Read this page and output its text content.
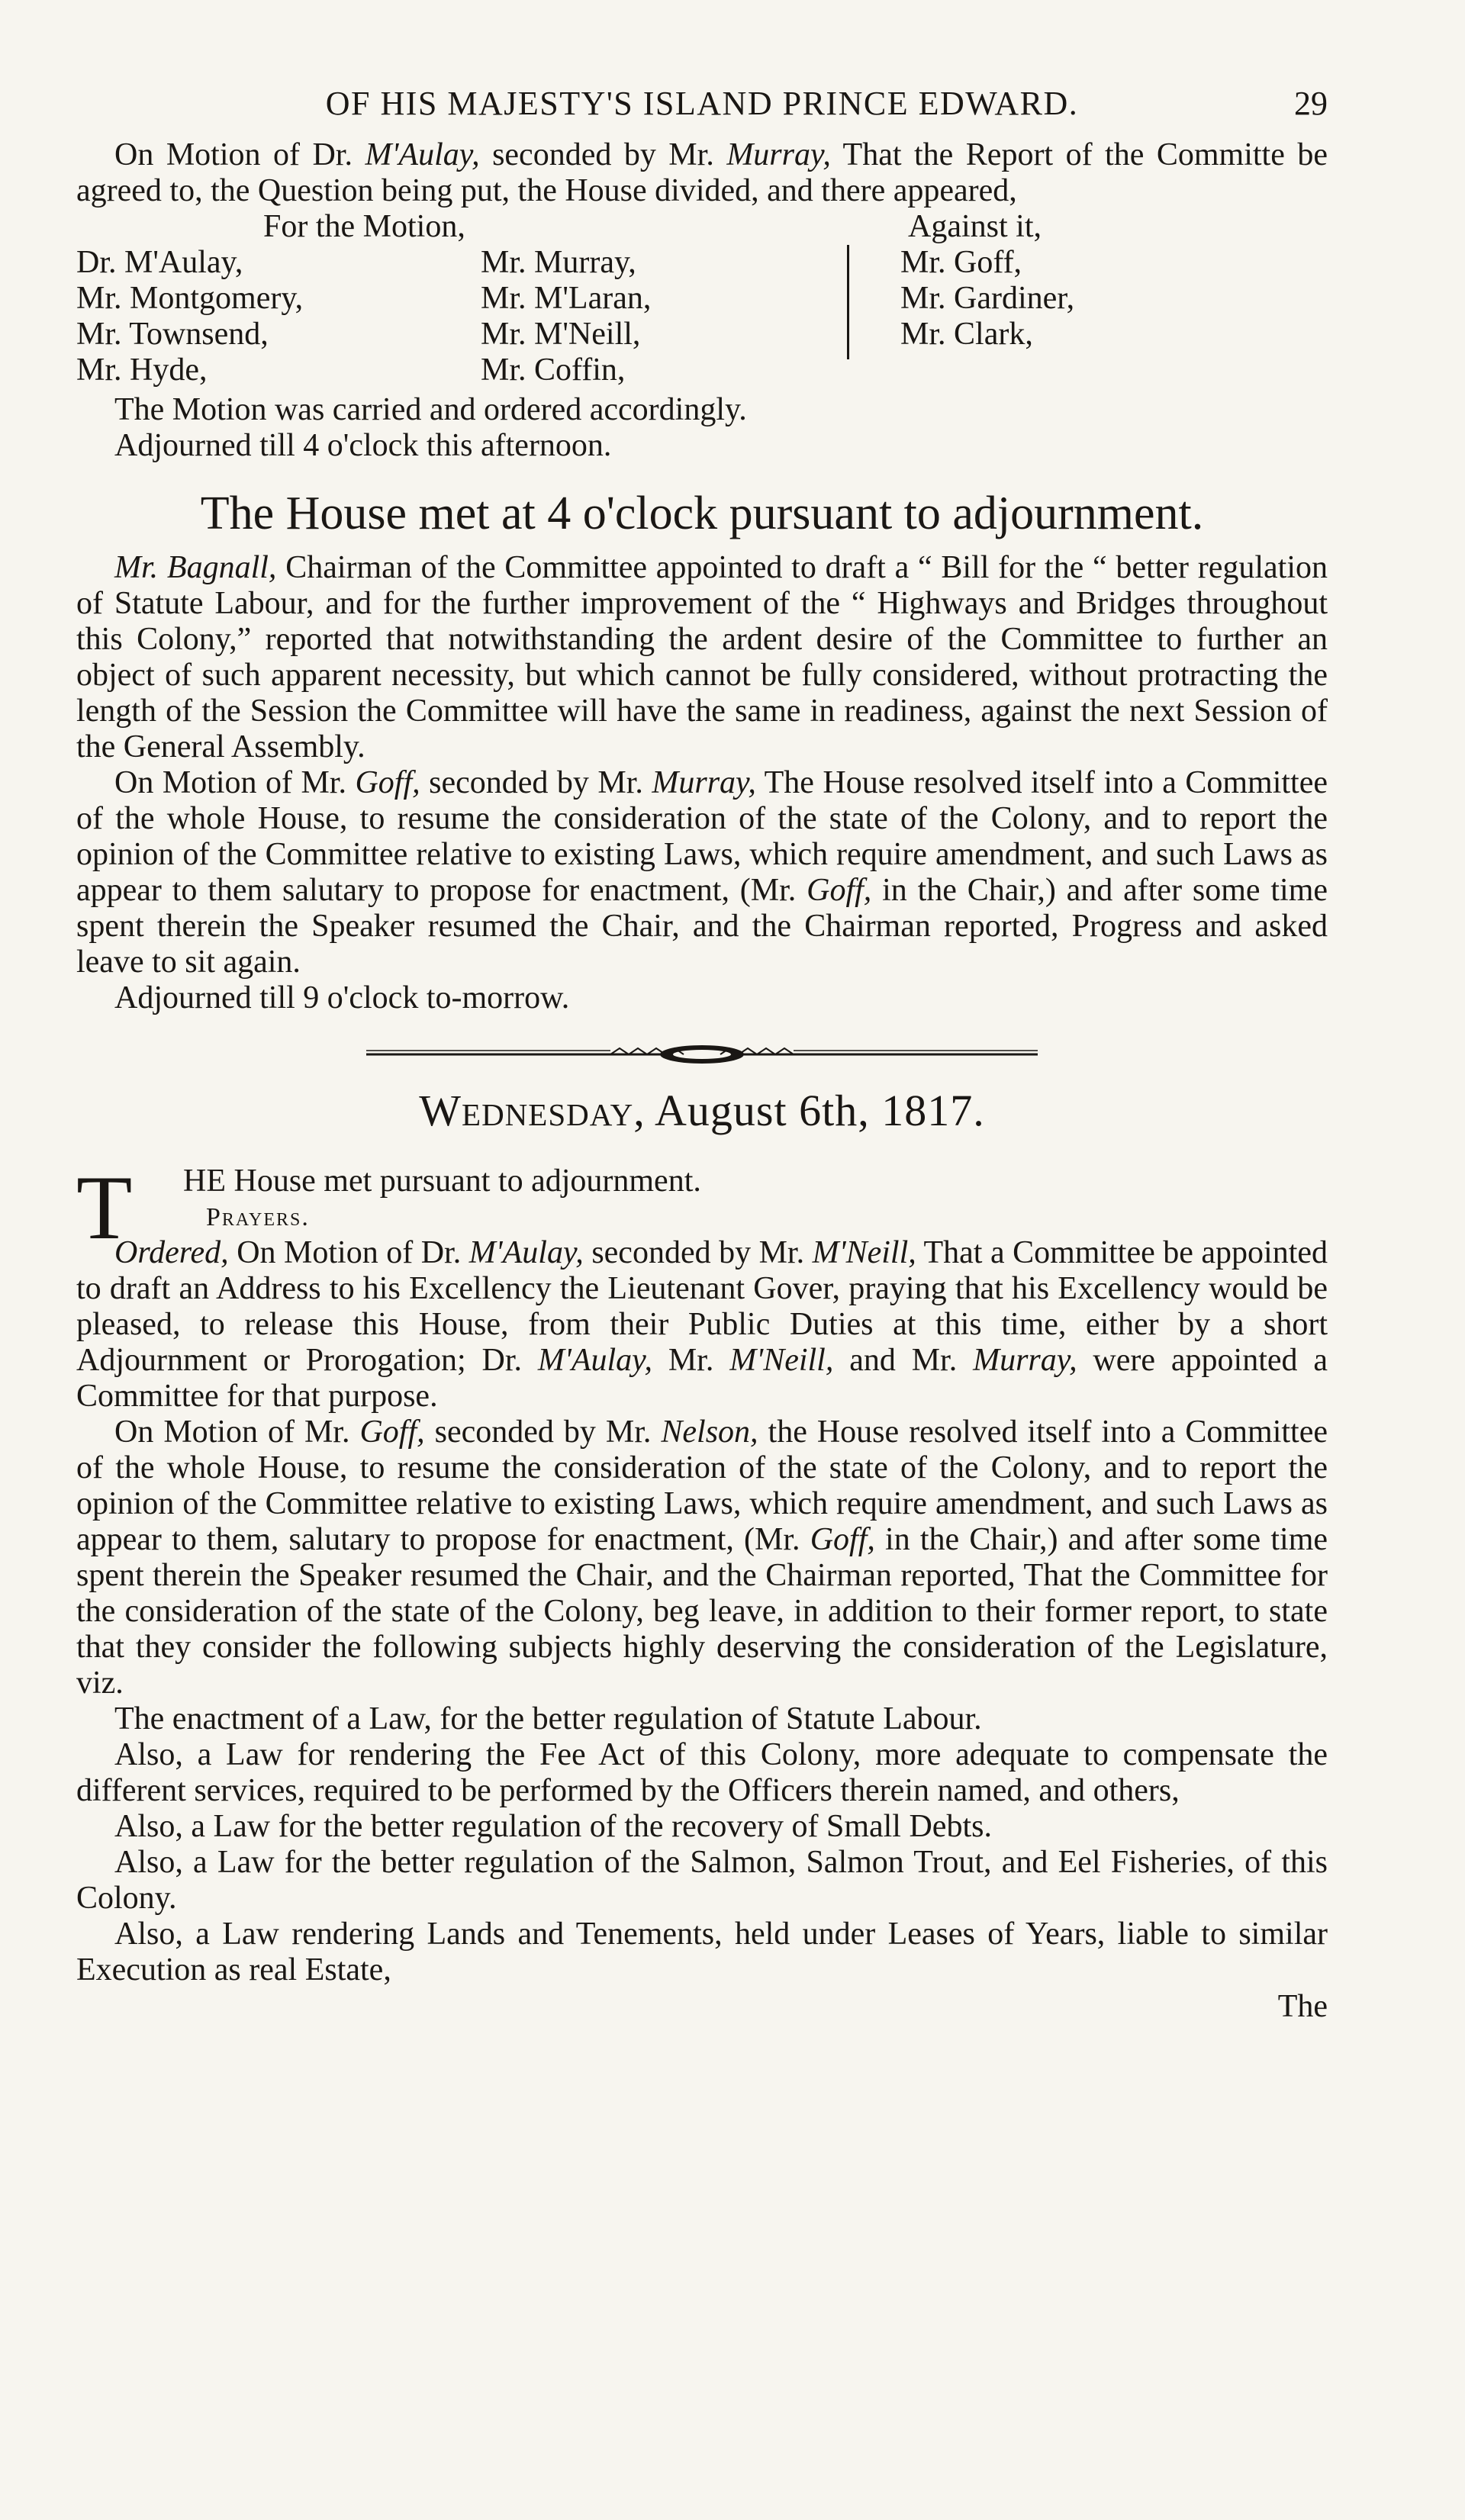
OF HIS MAJESTY'S ISLAND PRINCE EDWARD.	29

On Motion of Dr. M'Aulay, seconded by Mr. Murray, That the Report of the Committe be agreed to, the Question being put, the House divided, and there appeared,

For the Motion,	Against it,
Dr. M'Aulay,
Mr. Montgomery,
Mr. Townsend,
Mr. Hyde,
Mr. Murray,
Mr. M'Laran,
Mr. M'Neill,
Mr. Coffin,
Mr. Goff,
Mr. Gardiner,
Mr. Clark,

The Motion was carried and ordered accordingly.

Adjourned till 4 o'clock this afternoon.

The House met at 4 o'clock pursuant to adjournment.

Mr. Bagnall, Chairman of the Committee appointed to draft a “ Bill for the “ better regulation of Statute Labour, and for the further improvement of the “ Highways and Bridges throughout this Colony,” reported that notwithstanding the ardent desire of the Committee to further an object of such apparent necessity, but which cannot be fully considered, without protracting the length of the Session the Committee will have the same in readiness, against the next Session of the General Assembly.

On Motion of Mr. Goff, seconded by Mr. Murray, The House resolved itself into a Committee of the whole House, to resume the consideration of the state of the Colony, and to report the opinion of the Committee relative to existing Laws, which require amendment, and such Laws as appear to them salutary to propose for enactment, (Mr. Goff, in the Chair,) and after some time spent therein the Speaker resumed the Chair, and the Chairman reported, Progress and asked leave to sit again.

Adjourned till 9 o'clock to-morrow.

Wednesday, August 6th, 1817.
T HE House met pursuant to adjournment.

Prayers.

Ordered, On Motion of Dr. M'Aulay, seconded by Mr. M'Neill, That a Committee be appointed to draft an Address to his Excellency the Lieutenant Gover, praying that his Excellency would be pleased, to release this House, from their Public Duties at this time, either by a short Adjournment or Prorogation; Dr. M'Aulay, Mr. M'Neill, and Mr. Murray, were appointed a Committee for that purpose.

On Motion of Mr. Goff, seconded by Mr. Nelson, the House resolved itself into a Committee of the whole House, to resume the consideration of the state of the Colony, and to report the opinion of the Committee relative to existing Laws, which require amendment, and such Laws as appear to them, salutary to propose for enactment, (Mr. Goff, in the Chair,) and after some time spent therein the Speaker resumed the Chair, and the Chairman reported, That the Committee for the consideration of the state of the Colony, beg leave, in addition to their former report, to state that they consider the following subjects highly deserving the consideration of the Legislature, viz.

The enactment of a Law, for the better regulation of Statute Labour.

Also, a Law for rendering the Fee Act of this Colony, more adequate to compensate the different services, required to be performed by the Officers therein named, and others,

Also, a Law for the better regulation of the recovery of Small Debts.

Also, a Law for the better regulation of the Salmon, Salmon Trout, and Eel Fisheries, of this Colony.

Also, a Law rendering Lands and Tenements, held under Leases of Years, liable to similar Execution as real Estate,

The
